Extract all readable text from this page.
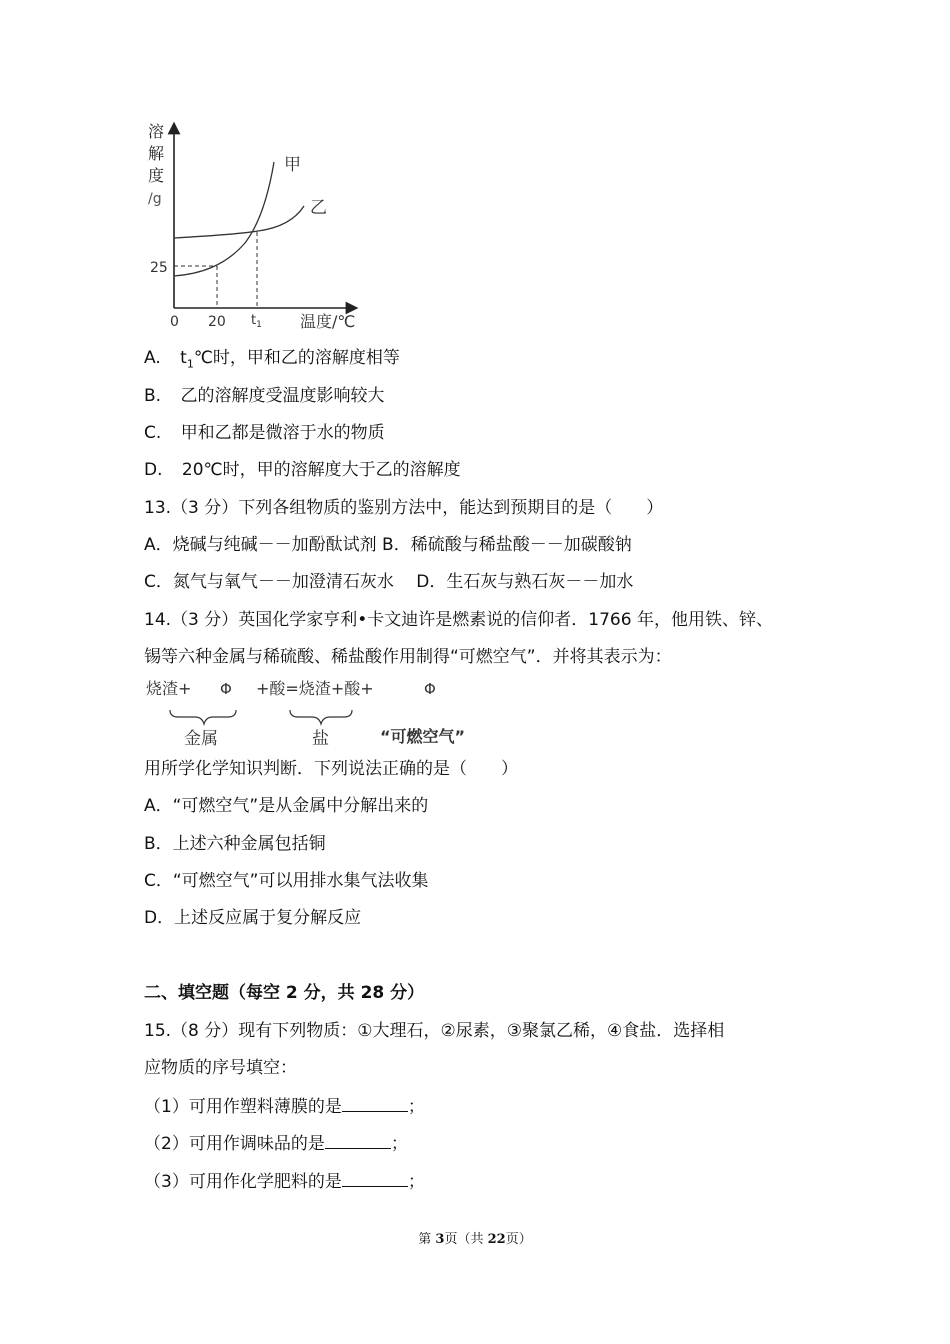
溶
解
度
/g
25
0 20 $t_1$ 温度/℃
甲
乙
A. $t_1℃$时，甲和乙的溶解度相等
B. 乙的溶解度受温度影响较大
C. 甲和乙都是微溶于水的物质
D. 20℃时，甲的溶解度大于乙的溶解度
13.（3 分）下列各组物质的鉴别方法中，能达到预期目的是（　　）
A．烧碱与纯碱－－加酚酞试剂 B．稀硫酸与稀盐酸－－加碳酸钠
C．氮气与氧气－－加澄清石灰水　 D．生石灰与熟石灰－－加水
14.（3 分）英国化学家亨利•卡文迪许是燃素说的信仰者．1766 年，他用铁、锌、
锡等六种金属与稀硫酸、稀盐酸作用制得“可燃空气”．并将其表示为：
烧渣+ Φ +酸=烧渣+酸+	Φ
金属	盐	“可燃空气”
用所学化学知识判断．下列说法正确的是（　　）
A．“可燃空气”是从金属中分解出来的
B．上述六种金属包括铜
C．“可燃空气”可以用排水集气法收集
D．上述反应属于复分解反应
二、填空题（每空 2 分，共 28 分）
15.（8 分）现有下列物质：①大理石，②尿素，③聚氯乙稀，④食盐．选择相
应物质的序号填空：
（1）可用作塑料薄膜的是	；
（2）可用作调味品的是	；
（3）可用作化学肥料的是	；
第 3页（共 22页）
